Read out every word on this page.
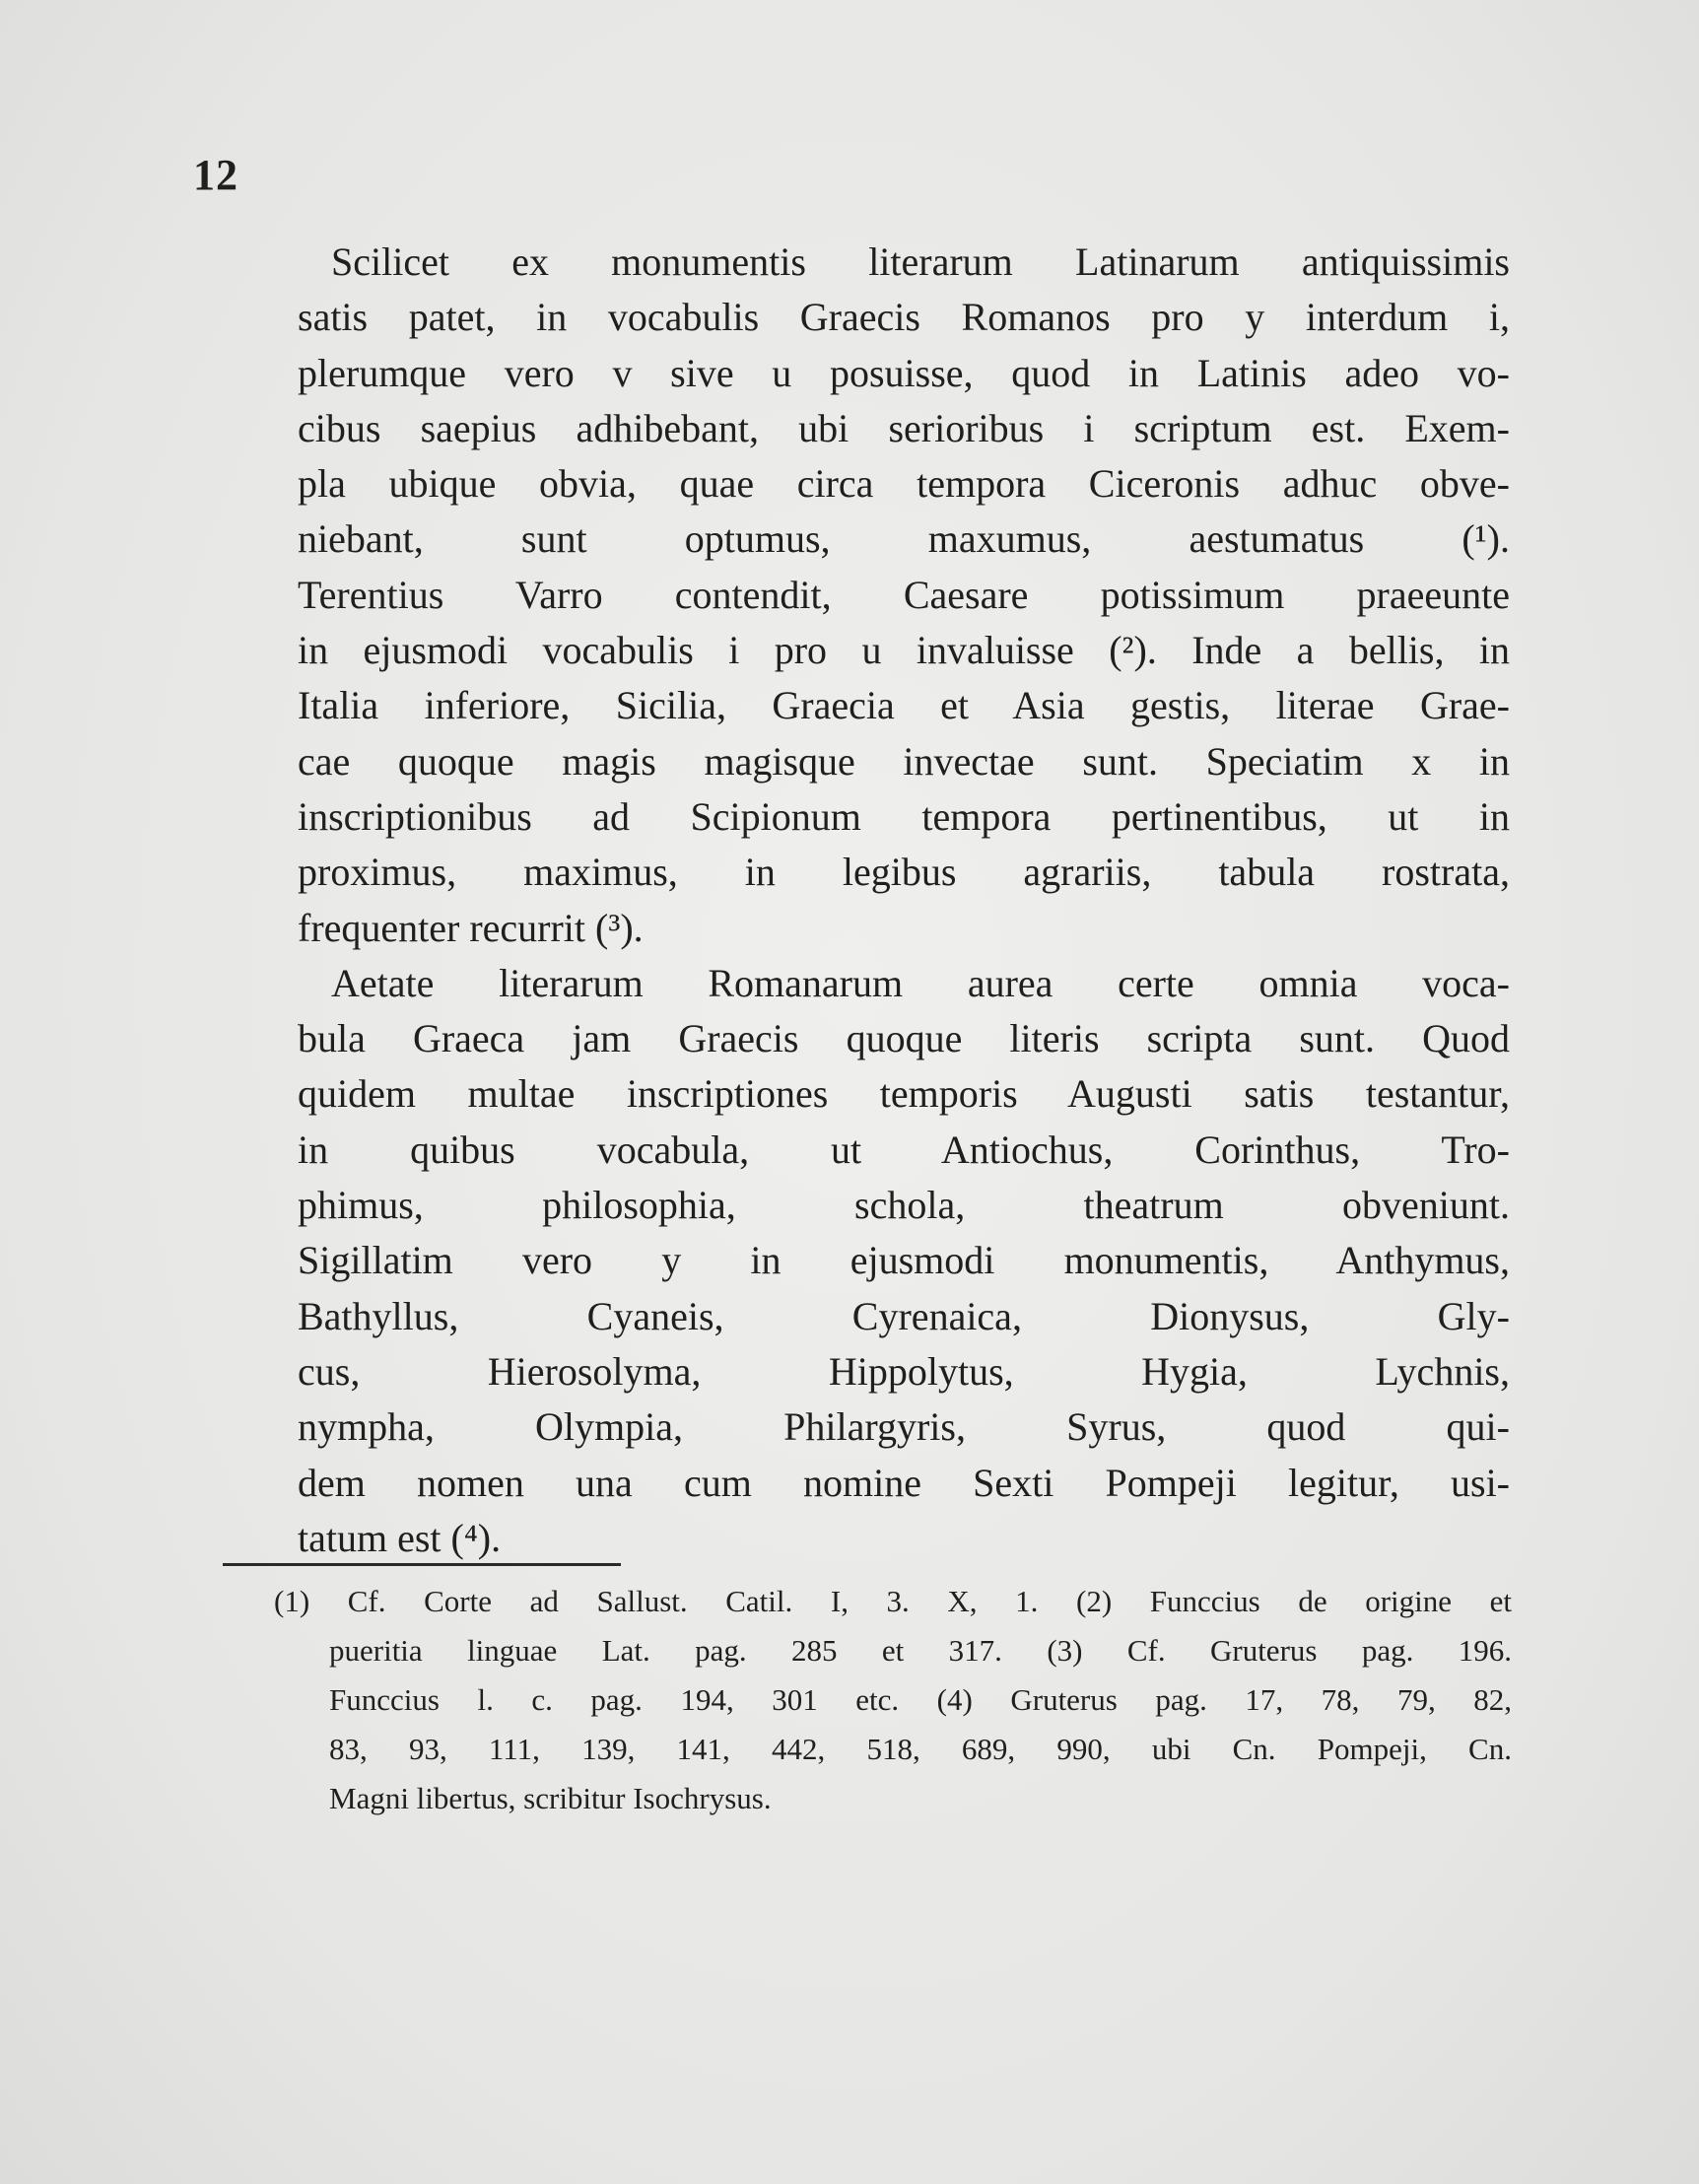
12
Scilicet ex monumentis literarum Latinarum antiquissimis
satis patet, in vocabulis Graecis Romanos pro y interdum i,
plerumque vero v sive u posuisse, quod in Latinis adeo vo-
cibus saepius adhibebant, ubi serioribus i scriptum est. Exem-
pla ubique obvia, quae circa tempora Ciceronis adhuc obve-
niebant, sunt optumus, maxumus, aestumatus (¹).
Terentius Varro contendit, Caesare potissimum praeeunte
in ejusmodi vocabulis i pro u invaluisse (²). Inde a bellis, in
Italia inferiore, Sicilia, Graecia et Asia gestis, literae Grae-
cae quoque magis magisque invectae sunt. Speciatim x in
inscriptionibus ad Scipionum tempora pertinentibus, ut in
proximus, maximus, in legibus agrariis, tabula rostrata,
frequenter recurrit (³).
Aetate literarum Romanarum aurea certe omnia voca-
bula Graeca jam Graecis quoque literis scripta sunt. Quod
quidem multae inscriptiones temporis Augusti satis testantur,
in quibus vocabula, ut Antiochus, Corinthus, Tro-
phimus, philosophia, schola, theatrum obveniunt.
Sigillatim vero y in ejusmodi monumentis, Anthymus,
Bathyllus, Cyaneis, Cyrenaica, Dionysus, Gly-
cus, Hierosolyma, Hippolytus, Hygia, Lychnis,
nympha, Olympia, Philargyris, Syrus, quod qui-
dem nomen una cum nomine Sexti Pompeji legitur, usi-
tatum est (⁴).
(1) Cf. Corte ad Sallust. Catil. I, 3. X, 1. (2) Funccius de origine et
pueritia linguae Lat. pag. 285 et 317. (3) Cf. Gruterus pag. 196.
Funccius l. c. pag. 194, 301 etc. (4) Gruterus pag. 17, 78, 79, 82,
83, 93, 111, 139, 141, 442, 518, 689, 990, ubi Cn. Pompeji, Cn.
Magni libertus, scribitur Isochrysus.
